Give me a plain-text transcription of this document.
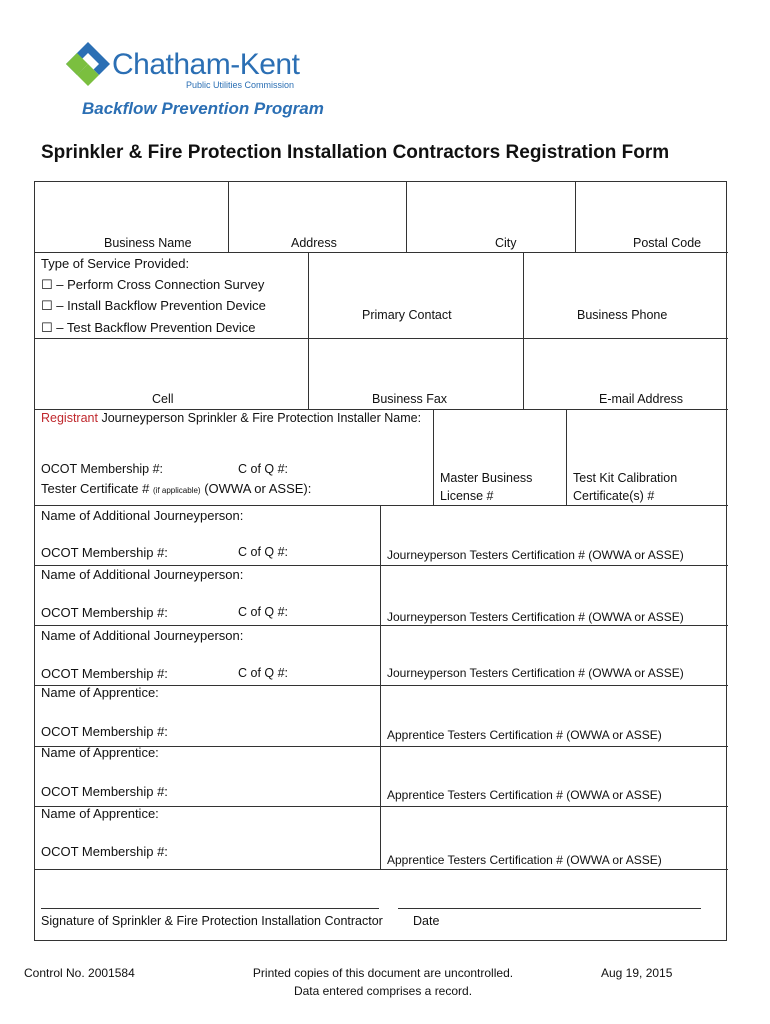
Chatham-Kent
Public Utilities Commission
Backflow Prevention Program
Sprinkler & Fire Protection Installation Contractors Registration Form
Business Name	Address	City	Postal Code
Type of Service Provided:
☐ – Perform Cross Connection Survey
☐ – Install Backflow Prevention Device
☐ – Test Backflow Prevention Device
Primary Contact	Business Phone
Cell	Business Fax	E-mail Address
Registrant Journeyperson Sprinkler & Fire Protection Installer Name:
OCOT Membership #:	C of Q #:
Tester Certificate # (if applicable) (OWWA or ASSE):
Master Business
License #
Test Kit Calibration
Certificate(s) #
Name of Additional Journeyperson:
OCOT Membership #:	C of Q #:	Journeyperson Testers Certification # (OWWA or ASSE)
Name of Additional Journeyperson:
OCOT Membership #:	C of Q #:	Journeyperson Testers Certification # (OWWA or ASSE)
Name of Additional Journeyperson:
OCOT Membership #:	C of Q #:	Journeyperson Testers Certification # (OWWA or ASSE)
Name of Apprentice:
OCOT Membership #:	Apprentice Testers Certification # (OWWA or ASSE)
Name of Apprentice:
OCOT Membership #:	Apprentice Testers Certification # (OWWA or ASSE)
Name of Apprentice:
OCOT Membership #:
Apprentice Testers Certification # (OWWA or ASSE)
Signature of Sprinkler & Fire Protection Installation Contractor Date
Control No. 2001584	Printed copies of this document are uncontrolled.
Data entered comprises a record.
Aug 19, 2015
